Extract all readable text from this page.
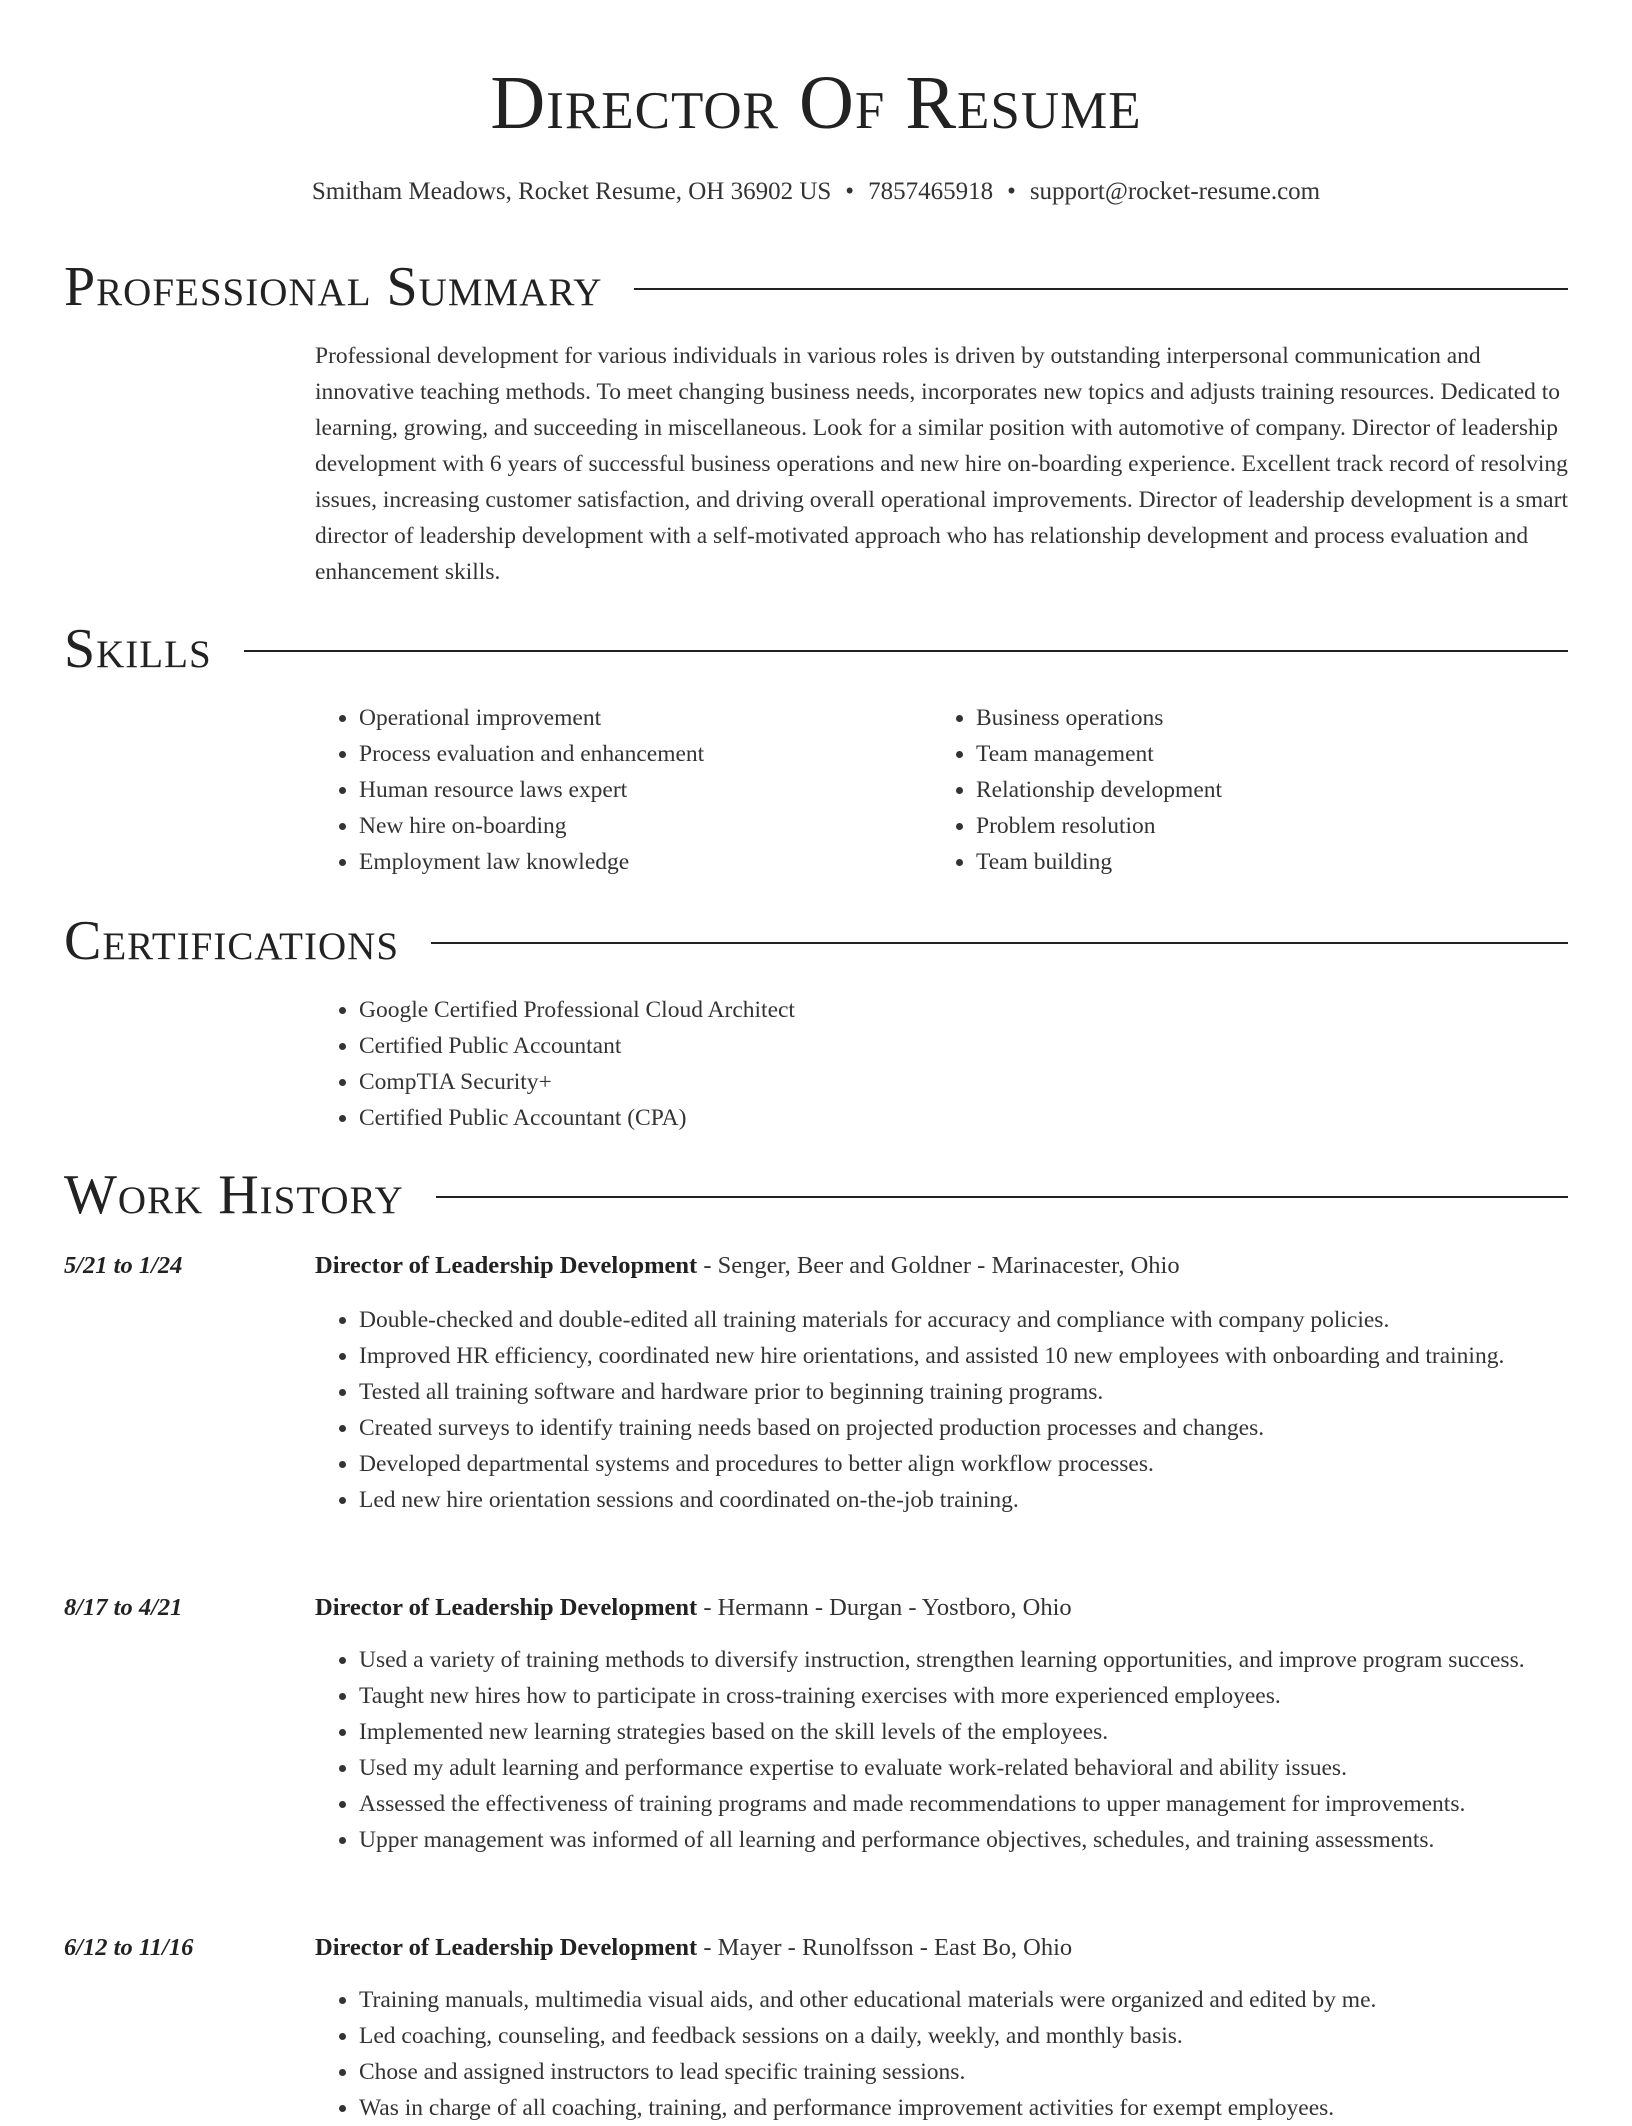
Director Of Resume
Smitham Meadows, Rocket Resume, OH 36902 US • 7857465918 • support@rocket-resume.com
Professional Summary

Professional development for various individuals in various roles is driven by outstanding interpersonal communication and innovative teaching methods. To meet changing business needs, incorporates new topics and adjusts training resources. Dedicated to learning, growing, and succeeding in miscellaneous. Look for a similar position with automotive of company. Director of leadership development with 6 years of successful business operations and new hire on-boarding experience. Excellent track record of resolving issues, increasing customer satisfaction, and driving overall operational improvements. Director of leadership development is a smart director of leadership development with a self-motivated approach who has relationship development and process evaluation and enhancement skills.

Skills
• Operational improvement
• Process evaluation and enhancement
• Human resource laws expert
• New hire on-boarding
• Employment law knowledge
• Business operations
• Team management
• Relationship development
• Problem resolution
• Team building
Certifications
• Google Certified Professional Cloud Architect
• Certified Public Accountant
• CompTIA Security+
• Certified Public Accountant (CPA)
Work History
5/21 to 1/24	Director of Leadership Development - Senger, Beer and Goldner - Marinacester, Ohio
• Double-checked and double-edited all training materials for accuracy and compliance with company policies.
• Improved HR efficiency, coordinated new hire orientations, and assisted 10 new employees with onboarding and training.
• Tested all training software and hardware prior to beginning training programs.
• Created surveys to identify training needs based on projected production processes and changes.
• Developed departmental systems and procedures to better align workflow processes.
• Led new hire orientation sessions and coordinated on-the-job training.
8/17 to 4/21	Director of Leadership Development - Hermann - Durgan - Yostboro, Ohio
• Used a variety of training methods to diversify instruction, strengthen learning opportunities, and improve program success.
• Taught new hires how to participate in cross-training exercises with more experienced employees.
• Implemented new learning strategies based on the skill levels of the employees.
• Used my adult learning and performance expertise to evaluate work-related behavioral and ability issues.
• Assessed the effectiveness of training programs and made recommendations to upper management for improvements.
• Upper management was informed of all learning and performance objectives, schedules, and training assessments.
6/12 to 11/16	Director of Leadership Development - Mayer - Runolfsson - East Bo, Ohio
• Training manuals, multimedia visual aids, and other educational materials were organized and edited by me.
• Led coaching, counseling, and feedback sessions on a daily, weekly, and monthly basis.
• Chose and assigned instructors to lead specific training sessions.
• Was in charge of all coaching, training, and performance improvement activities for exempt employees.
